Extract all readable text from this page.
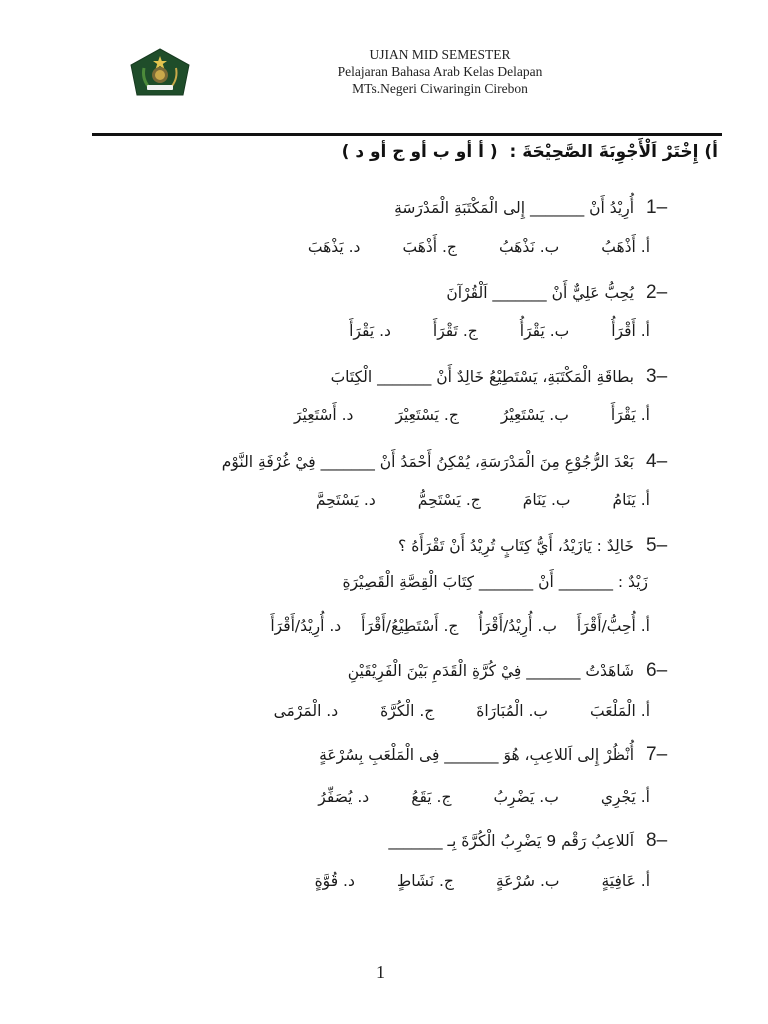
UJIAN MID SEMESTER
Pelajaran Bahasa Arab Kelas Delapan
MTs.Negeri Ciwaringin Cirebon
أ) إِخْتَرْ اَلْأَجْوِبَةَ الصَّحِيْحَةَ : ( أ أو ب أو ج أو د )
1–
أُرِيْدُ أَنْ _______ إِلى الْمَكْتَبَةِ الْمَدْرَسَةِ
أ. أَذْهَبُ
ب. نَذْهَبُ
ج. أَذْهَبَ
د. يَذْهَبَ
2–
يُحِبُّ عَلِيٌّ أَنْ _______ اَلْقُرْآنَ
أ. أَقْرَأُ
ب. يَقْرَأُ
ج. تَقْرَأَ
د. يَقْرَأَ
3–
بطاقَةِ الْمَكْتَبَةِ، يَسْتَطِيْعُ خَالِدٌ أَنْ _______ الْكِتَابَ
أ. يَقْرَأَ
ب. يَسْتَعِيْرُ
ج. يَسْتَعِيْرَ
د. أَسْتَعِيْرَ
4–
بَعْدَ الرُّجُوْعِ مِنَ الْمَدْرَسَةِ، يُمْكِنُ أَحْمَدُ أَنْ _______ فِيْ غُرْفَةِ النَّوْم
أ. يَنَامُ
ب. يَنَامَ
ج. يَسْتَحِمُّ
د. يَسْتَحِمَّ
5–
خَالِدٌ : يَازَيْدُ، أَيُّ كِتَابٍ تُرِيْدُ أَنْ تَقْرَأَهُ ؟
زَيْدٌ : _______ أَنْ _______ كِتَابَ الْقِصَّةِ الْقَصِيْرَةِ
أ. أُحِبُّ/أَقْرَأَ
ب. أُرِيْدُ/أَقْرَأُ
ج. أَسْتَطِيْعُ/أَقْرَأَ
د. أُرِيْدُ/أَقْرَأَ
6–
شَاهَدْتُ _______ فِيْ كُرَّةِ الْقَدَمِ بَيْنَ الْفَرِيْقَيْنِ
أ. الْمَلْعَبَ
ب. الْمُبَارَاةَ
ج. الْكُرَّةَ
د. الْمَرْمَى
7–
أُنْظُرْ إِلى اَللاعِبِ، هُوَ _______ فِى الْمَلْعَبِ بِسُرْعَةٍ
أ. يَجْرِي
ب. يَضْرِبُ
ج. يَقَعُ
د. يُصَفِّرُ
8–
اَللاعِبُ رَقْم 9 يَضْرِبُ الْكُرَّةَ بِـ _______
أ. عَافِيَةٍ
ب. سُرْعَةٍ
ج. نَشَاطٍ
د. قُوَّةٍ
1
